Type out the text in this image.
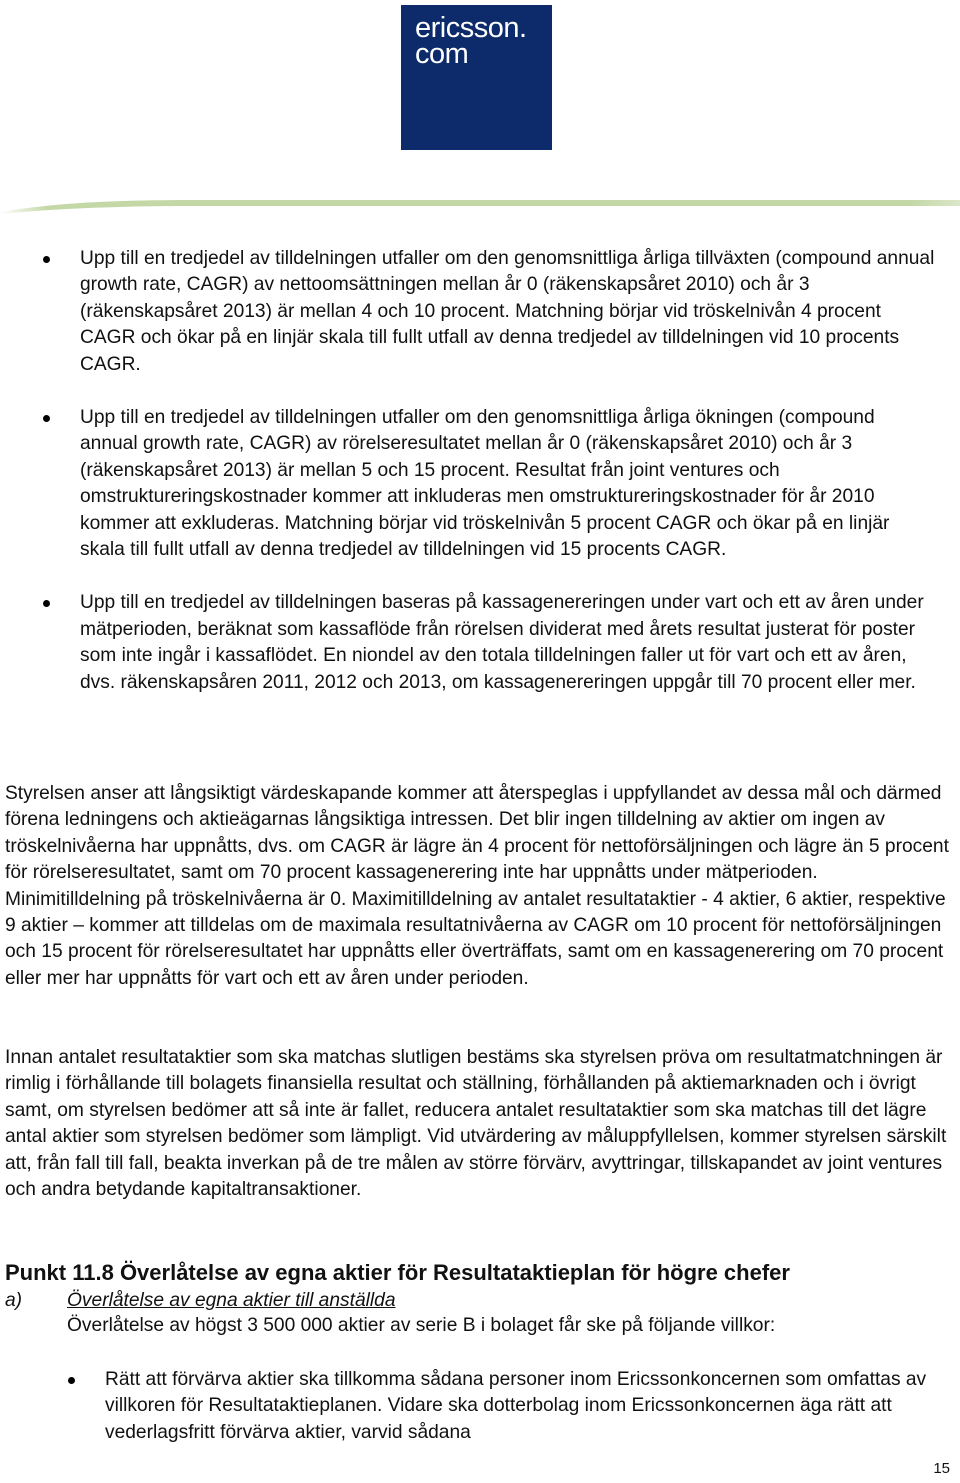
ericsson.
com
Upp till en tredjedel av tilldelningen utfaller om den genomsnittliga årliga tillväxten (compound annual growth rate, CAGR) av nettoomsättningen mellan år 0 (räkenskapsåret 2010) och år 3 (räkenskapsåret 2013) är mellan 4 och 10 procent. Matchning börjar vid tröskelnivån 4 procent CAGR och ökar på en linjär skala till fullt utfall av denna tredjedel av tilldelningen vid 10 procents CAGR.
Upp till en tredjedel av tilldelningen utfaller om den genomsnittliga årliga ökningen (compound annual growth rate, CAGR) av rörelseresultatet mellan år 0 (räkenskapsåret 2010) och år 3 (räkenskapsåret 2013) är mellan 5 och 15 procent. Resultat från joint ventures och omstruktureringskostnader kommer att inkluderas men omstruktureringskostnader för år 2010 kommer att exkluderas. Matchning börjar vid tröskelnivån 5 procent CAGR och ökar på en linjär skala till fullt utfall av denna tredjedel av tilldelningen vid 15 procents CAGR.
Upp till en tredjedel av tilldelningen baseras på kassagenereringen under vart och ett av åren under mätperioden, beräknat som kassaflöde från rörelsen dividerat med årets resultat justerat för poster som inte ingår i kassaflödet. En niondel av den totala tilldelningen faller ut för vart och ett av åren, dvs. räkenskapsåren 2011, 2012 och 2013, om kassagenereringen uppgår till 70 procent eller mer.

Styrelsen anser att långsiktigt värdeskapande kommer att återspeglas i uppfyllandet av dessa mål och därmed förena ledningens och aktieägarnas långsiktiga intressen. Det blir ingen tilldelning av aktier om ingen av tröskelnivåerna har uppnåtts, dvs. om CAGR är lägre än 4 procent för nettoförsäljningen och lägre än 5 procent för rörelseresultatet, samt om 70 procent kassagenerering inte har uppnåtts under mätperioden. Minimitilldelning på tröskelnivåerna är 0. Maximitilldelning av antalet resultataktier - 4 aktier, 6 aktier, respektive 9 aktier – kommer att tilldelas om de maximala resultatnivåerna av CAGR om 10 procent för nettoförsäljningen och 15 procent för rörelseresultatet har uppnåtts eller överträffats, samt om en kassagenerering om 70 procent eller mer har uppnåtts för vart och ett av åren under perioden.

Innan antalet resultataktier som ska matchas slutligen bestäms ska styrelsen pröva om resultatmatchningen är rimlig i förhållande till bolagets finansiella resultat och ställning, förhållanden på aktiemarknaden och i övrigt samt, om styrelsen bedömer att så inte är fallet, reducera antalet resultataktier som ska matchas till det lägre antal aktier som styrelsen bedömer som lämpligt. Vid utvärdering av måluppfyllelsen, kommer styrelsen särskilt att, från fall till fall, beakta inverkan på de tre målen av större förvärv, avyttringar, tillskapandet av joint ventures och andra betydande kapitaltransaktioner.

Punkt 11.8 Överlåtelse av egna aktier för Resultataktieplan för högre chefer
a) Överlåtelse av egna aktier till anställda
Överlåtelse av högst 3 500 000 aktier av serie B i bolaget får ske på följande villkor:
Rätt att förvärva aktier ska tillkomma sådana personer inom Ericssonkoncernen som omfattas av villkoren för Resultataktieplanen. Vidare ska dotterbolag inom Ericssonkoncernen äga rätt att vederlagsfritt förvärva aktier, varvid sådana
15
